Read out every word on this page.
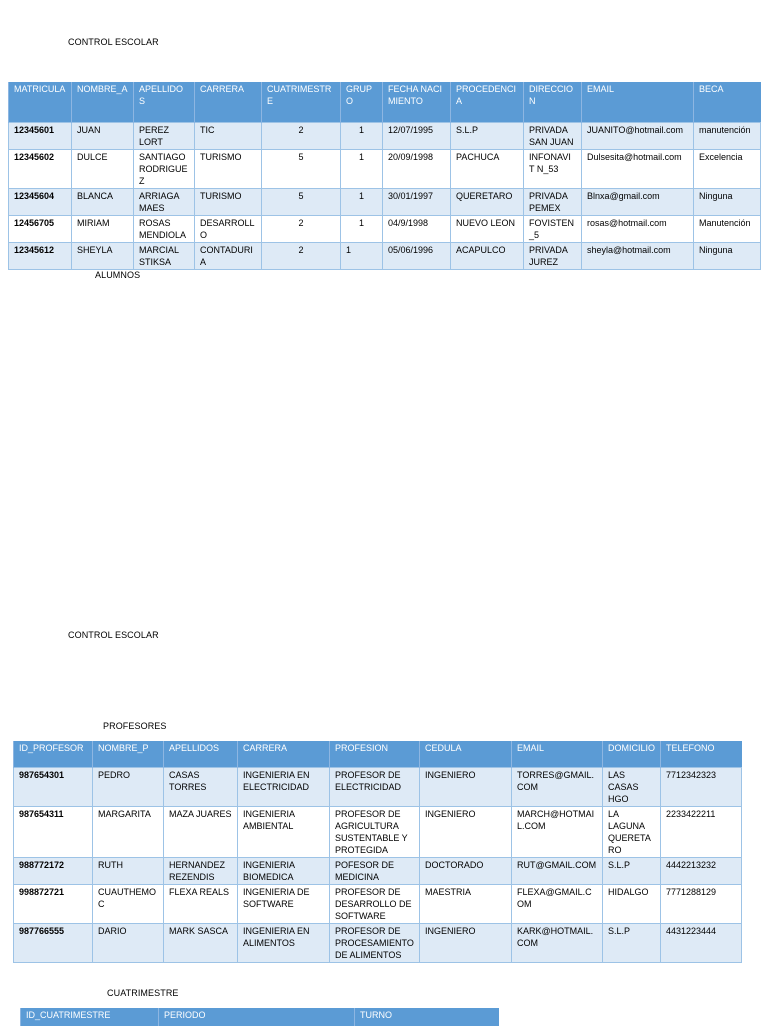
CONTROL ESCOLAR
MATRICULA	NOMBRE_A	APELLIDOS	CARRERA	CUATRIMESTRE	GRUPO	FECHA NACIMIENTO	PROCEDENCIA	DIRECCION	EMAIL	BECA
12345601	JUAN	PEREZ LORT	TIC	2	1	12/07/1995	S.L.P	PRIVADA SAN JUAN	JUANITO@hotmail.com	manutención
12345602	DULCE	SANTIAGO RODRIGUEZ	TURISMO	5	1	20/09/1998	PACHUCA	INFONAVIT N_53	Dulsesita@hotmail.com	Excelencia
12345604	BLANCA	ARRIAGA MAES	TURISMO	5	1	30/01/1997	QUERETARO	PRIVADA PEMEX	Blnxa@gmail.com	Ninguna
12456705	MIRIAM	ROSAS MENDIOLA	DESARROLLO	2	1	04/9/1998	NUEVO LEON	FOVISTEN_5	rosas@hotmail.com	Manutención
12345612	SHEYLA	MARCIAL STIKSA	CONTADURIA	2	1	05/06/1996	ACAPULCO	PRIVADA JUREZ	sheyla@hotmail.com	Ninguna
ALUMNOS
CONTROL ESCOLAR
PROFESORES
ID_PROFESOR	NOMBRE_P	APELLIDOS	CARRERA	PROFESION	CEDULA	EMAIL	DOMICILIO	TELEFONO
987654301	PEDRO	CASAS TORRES	INGENIERIA EN ELECTRICIDAD	PROFESOR DE ELECTRICIDAD	INGENIERO	TORRES@GMAIL.COM	LAS CASAS HGO	7712342323
987654311	MARGARITA	MAZA JUARES	INGENIERIA AMBIENTAL	PROFESOR DE AGRICULTURA SUSTENTABLE Y PROTEGIDA	INGENIERO	MARCH@HOTMAIL.COM	LA LAGUNA QUERETARO	2233422211
988772172	RUTH	HERNANDEZ REZENDIS	INGENIERIA BIOMEDICA	POFESOR DE MEDICINA	DOCTORADO	RUT@GMAIL.COM	S.L.P	4442213232
998872721	CUAUTHEMOC	FLEXA REALS	INGENIERIA DE SOFTWARE	PROFESOR DE DESARROLLO DE SOFTWARE	MAESTRIA	FLEXA@GMAIL.COM	HIDALGO	7771288129
987766555	DARIO	MARK SASCA	INGENIERIA EN ALIMENTOS	PROFESOR DE PROCESAMIENTO DE ALIMENTOS	INGENIERO	KARK@HOTMAIL.COM	S.L.P	4431223444
CUATRIMESTRE
ID_CUATRIMESTRE	PERIODO	TURNO
